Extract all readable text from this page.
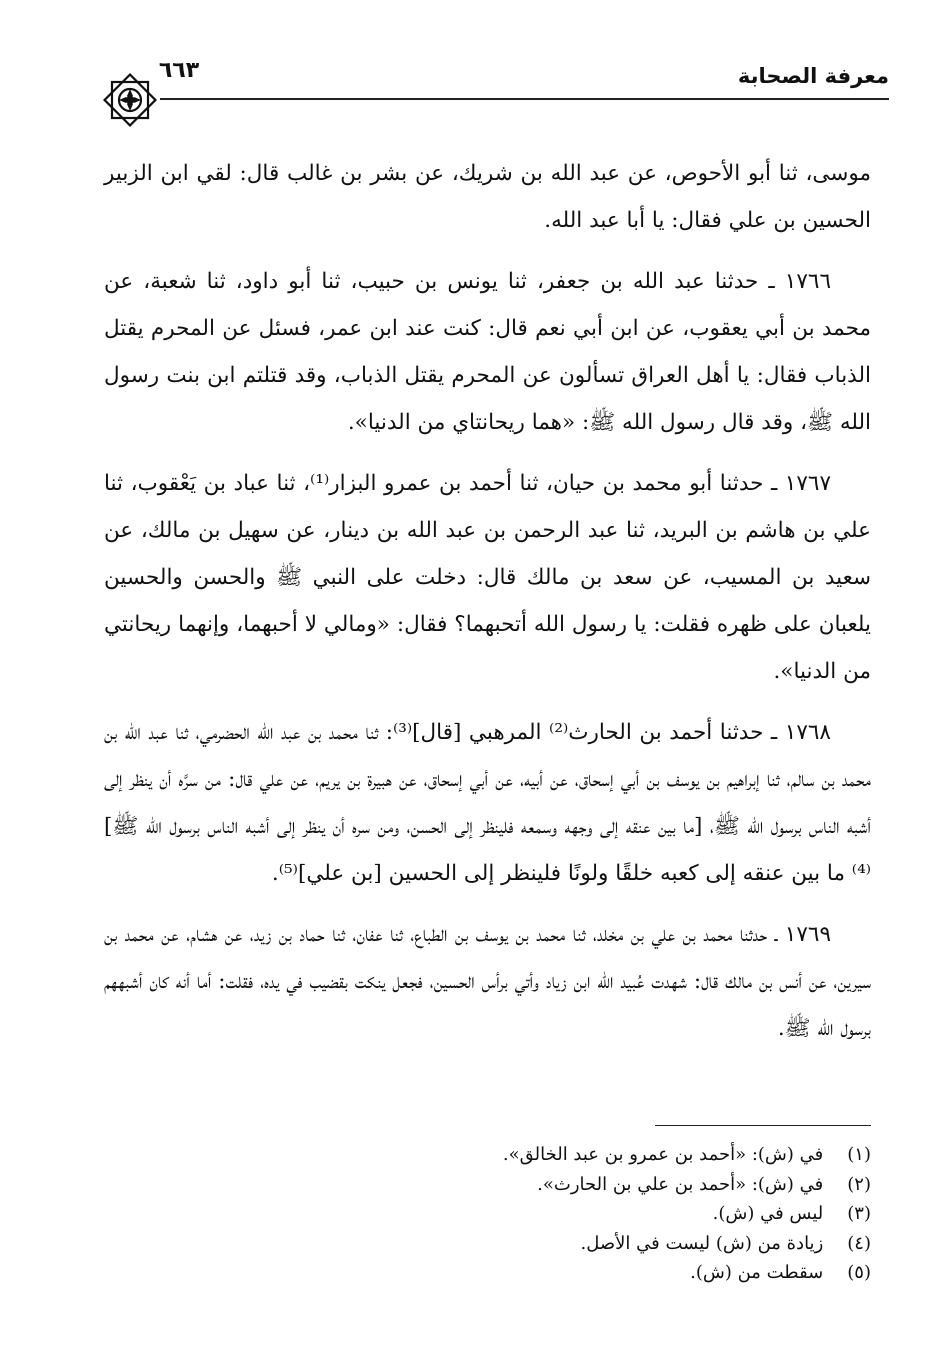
معرفة الصحابة
٦٦٣

موسى، ثنا أبو الأحوص، عن عبد الله بن شريك، عن بشر بن غالب قال: لقي ابن الزبير الحسين بن علي فقال: يا أبا عبد الله.

١٧٦٦ ـ حدثنا عبد الله بن جعفر، ثنا يونس بن حبيب، ثنا أبو داود، ثنا شعبة، عن محمد بن أبي يعقوب، عن ابن أبي نعم قال: كنت عند ابن عمر، فسئل عن المحرم يقتل الذباب فقال: يا أهل العراق تسألون عن المحرم يقتل الذباب، وقد قتلتم ابن بنت رسول الله ﷺ، وقد قال رسول الله ﷺ: «هما ريحانتاي من الدنيا».

١٧٦٧ ـ حدثنا أبو محمد بن حيان، ثنا أحمد بن عمرو البزار⁽¹⁾، ثنا عباد بن يَعْقوب، ثنا علي بن هاشم بن البريد، ثنا عبد الرحمن بن عبد الله بن دينار، عن سهيل بن مالك، عن سعيد بن المسيب، عن سعد بن مالك قال: دخلت على النبي ﷺ والحسن والحسين يلعبان على ظهره فقلت: يا رسول الله أتحبهما؟ فقال: «ومالي لا أحبهما، وإنهما ريحانتي من الدنيا».

١٧٦٨ ـ حدثنا أحمد بن الحارث⁽²⁾ المرهبي [قال]⁽³⁾: ثنا محمد بن عبد الله الحضرمي، ثنا عبد الله بن محمد بن سالم، ثنا إبراهيم بن يوسف بن أبي إسحاق، عن أبيه، عن أبي إسحاق، عن هبيرة بن يريم، عن علي قال: من سرَّه أن ينظر إلى أشبه الناس برسول الله ﷺ، [ما بين عنقه إلى وجهه وسمعه فلينظر إلى الحسن، ومن سره أن ينظر إلى أشبه الناس برسول الله ﷺ]⁽⁴⁾ ما بين عنقه إلى كعبه خلقًا ولونًا فلينظر إلى الحسين [بن علي]⁽⁵⁾.

١٧٦٩ ـ حدثنا محمد بن علي بن مخلد، ثنا محمد بن يوسف بن الطباع، ثنا عفان، ثنا حماد بن زيد، عن هشام، عن محمد بن سيرين، عن أنس بن مالك قال: شهدت عُبيد الله ابن زياد وأتي برأس الحسين، فجعل ينكت بقضيب في يده، فقلت: أما أنه كان أشبههم برسول الله ﷺ.

(١) في (ش): «أحمد بن عمرو بن عبد الخالق».
(٢) في (ش): «أحمد بن علي بن الحارث».
(٣) ليس في (ش).
(٤) زيادة من (ش) ليست في الأصل.
(٥) سقطت من (ش).
